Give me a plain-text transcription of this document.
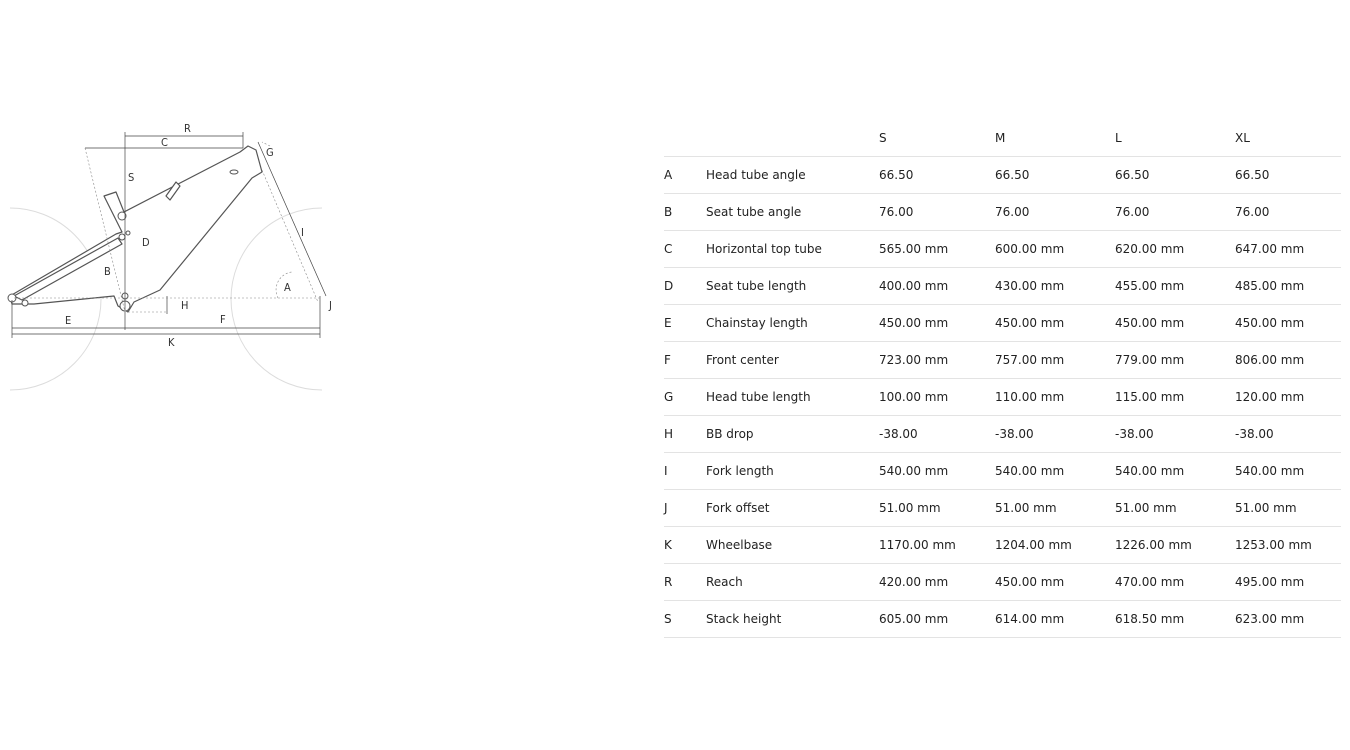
R
C
G
S
I
D
B
A
H	J
E	F
K
		S	M	L	XL
A	Head tube angle	66.50	66.50	66.50	66.50
B	Seat tube angle	76.00	76.00	76.00	76.00
C	Horizontal top tube	565.00 mm	600.00 mm	620.00 mm	647.00 mm
D	Seat tube length	400.00 mm	430.00 mm	455.00 mm	485.00 mm
E	Chainstay length	450.00 mm	450.00 mm	450.00 mm	450.00 mm
F	Front center	723.00 mm	757.00 mm	779.00 mm	806.00 mm
G	Head tube length	100.00 mm	110.00 mm	115.00 mm	120.00 mm
H	BB drop	-38.00	-38.00	-38.00	-38.00
I	Fork length	540.00 mm	540.00 mm	540.00 mm	540.00 mm
J	Fork offset	51.00 mm	51.00 mm	51.00 mm	51.00 mm
K	Wheelbase	1170.00 mm	1204.00 mm	1226.00 mm	1253.00 mm
R	Reach	420.00 mm	450.00 mm	470.00 mm	495.00 mm
S	Stack height	605.00 mm	614.00 mm	618.50 mm	623.00 mm
